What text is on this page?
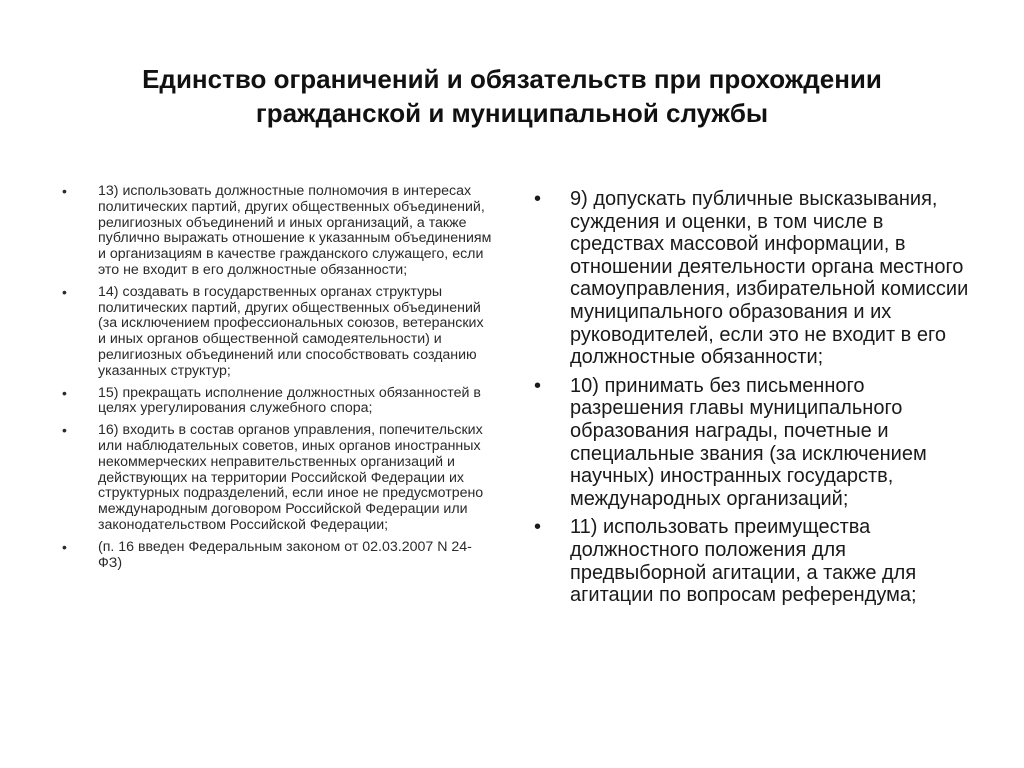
Единство ограничений и обязательств при прохождении
гражданской и муниципальной службы
• 13) использовать должностные полномочия в интересах политических партий, других общественных объединений, религиозных объединений и иных организаций, а также публично выражать отношение к указанным объединениям и организациям в качестве гражданского служащего, если это не входит в его должностные обязанности;
• 14) создавать в государственных органах структуры политических партий, других общественных объединений (за исключением профессиональных союзов, ветеранских и иных органов общественной самодеятельности) и религиозных объединений или способствовать созданию указанных структур;
• 15) прекращать исполнение должностных обязанностей в целях урегулирования служебного спора;
• 16) входить в состав органов управления, попечительских или наблюдательных советов, иных органов иностранных некоммерческих неправительственных организаций и действующих на территории Российской Федерации их структурных подразделений, если иное не предусмотрено международным договором Российской Федерации или законодательством Российской Федерации;
• (п. 16 введен Федеральным законом от 02.03.2007 N 24-ФЗ)
• 9) допускать публичные высказывания, суждения и оценки, в том числе в средствах массовой информации, в отношении деятельности органа местного самоуправления, избирательной комиссии муниципального образования и их руководителей, если это не входит в его должностные обязанности;
• 10) принимать без письменного разрешения главы муниципального образования награды, почетные и специальные звания (за исключением научных) иностранных государств, международных организаций;
• 11) использовать преимущества должностного положения для предвыборной агитации, а также для агитации по вопросам референдума;
